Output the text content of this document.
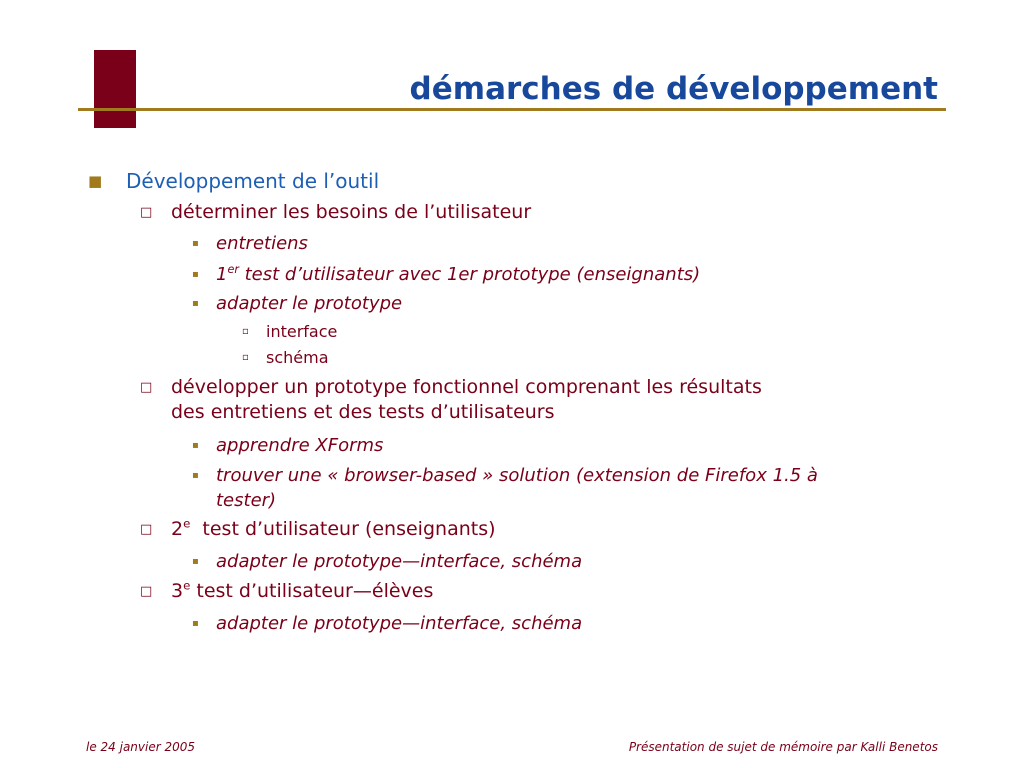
démarches de développement
■ Développement de l’outil
□ déterminer les besoins de l’utilisateur
▪ entretiens
▪ 1er test d’utilisateur avec 1er prototype (enseignants)
▪ adapter le prototype
▫ interface
▫ schéma
□ développer un prototype fonctionnel comprenant les résultats
des entretiens et des tests d’utilisateurs
▪ apprendre XForms
▪ trouver une « browser-based » solution (extension de Firefox 1.5 à
tester)
□ 2e  test d’utilisateur (enseignants)
▪ adapter le prototype—interface, schéma
□ 3e test d’utilisateur—élèves
▪ adapter le prototype—interface, schéma
le 24 janvier 2005	Présentation de sujet de mémoire par Kalli Benetos
